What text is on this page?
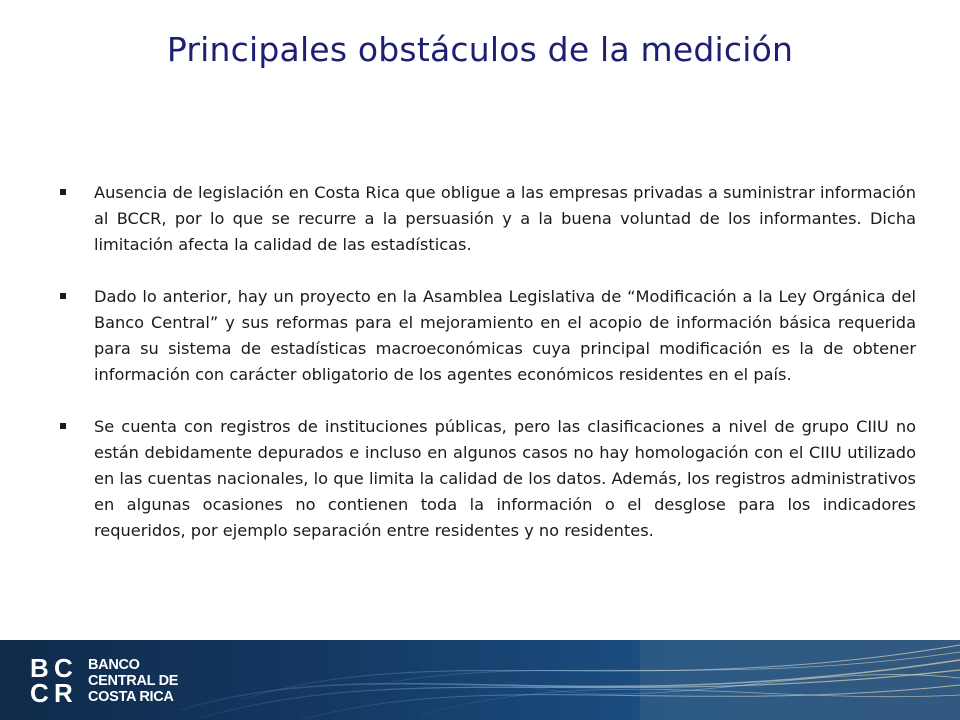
Principales obstáculos de la medición
Ausencia de legislación en Costa Rica que obligue a las empresas privadas a suministrar información al BCCR, por lo que se recurre a la persuasión y a la buena voluntad de los informantes. Dicha limitación afecta la calidad de las estadísticas.
Dado lo anterior, hay un proyecto en la Asamblea Legislativa de “Modificación a la Ley Orgánica del Banco Central” y sus reformas para el mejoramiento en el acopio de información básica requerida para su sistema de estadísticas macroeconómicas cuya principal modificación es la de obtener información con carácter obligatorio de los agentes económicos residentes en el país.
Se cuenta con registros de instituciones públicas, pero las clasificaciones a nivel de grupo CIIU no están debidamente depurados e incluso en algunos casos no hay homologación con el CIIU utilizado en las cuentas nacionales, lo que limita la calidad de los datos. Además, los registros administrativos en algunas ocasiones no contienen toda la información o el desglose para los indicadores requeridos, por ejemplo separación entre residentes y no residentes.
B C
C R
BANCO
CENTRAL DE
COSTA RICA
